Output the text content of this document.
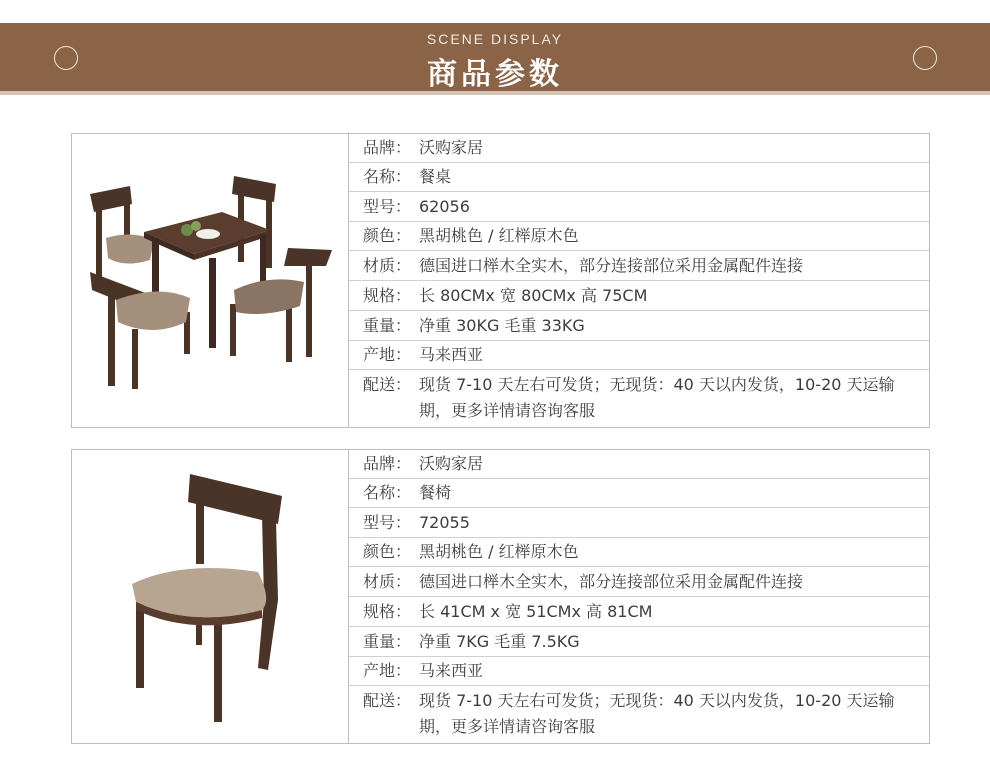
SCENE DISPLAY
商品参数
品牌： 沃购家居
名称： 餐桌
型号： 62056
颜色： 黑胡桃色 / 红榉原木色
材质： 德国进口榉木全实木，部分连接部位采用金属配件连接
规格： 长 80CMx 宽 80CMx 高 75CM
重量： 净重 30KG 毛重 33KG
产地： 马来西亚
配送： 现货 7-10 天左右可发货；无现货：40 天以内发货，10-20 天运输期，更多详情请咨询客服
品牌： 沃购家居
名称： 餐椅
型号： 72055
颜色： 黑胡桃色 / 红榉原木色
材质： 德国进口榉木全实木，部分连接部位采用金属配件连接
规格： 长 41CM x 宽 51CMx 高 81CM
重量： 净重 7KG 毛重 7.5KG
产地： 马来西亚
配送： 现货 7-10 天左右可发货；无现货：40 天以内发货，10-20 天运输期，更多详情请咨询客服
